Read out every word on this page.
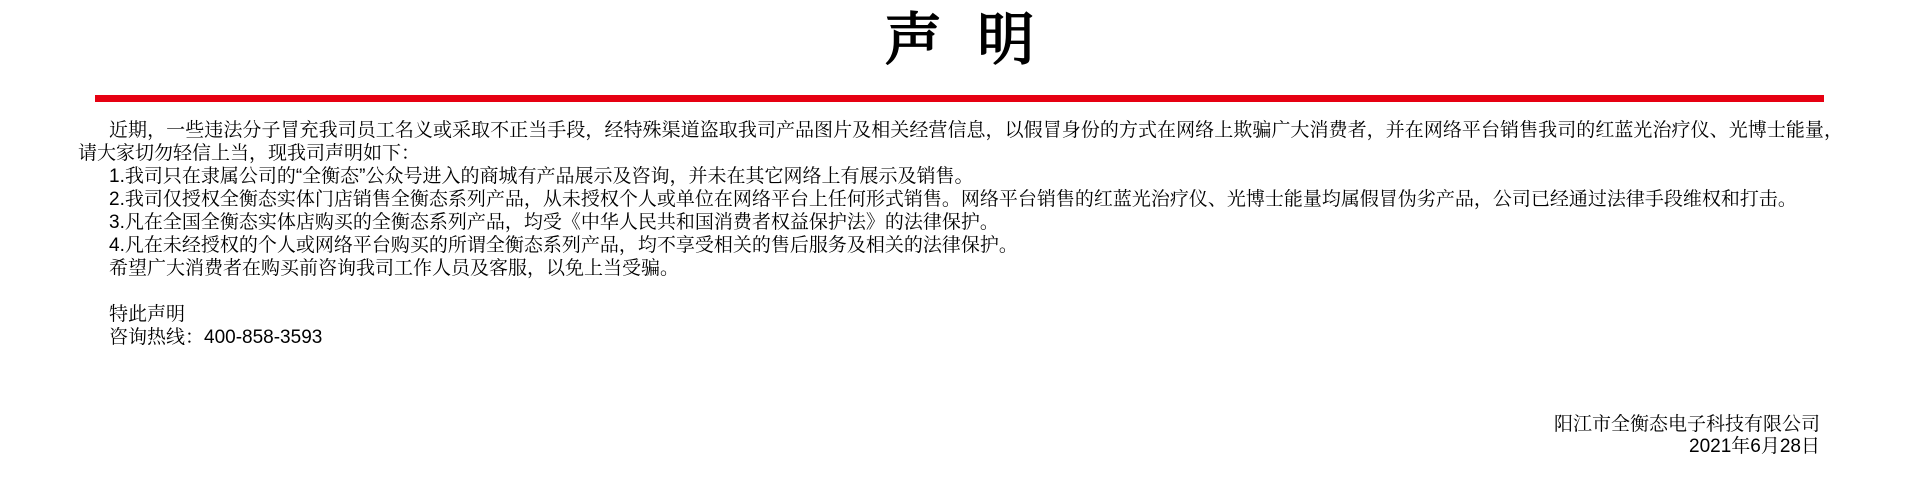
声 明

近期，一些违法分子冒充我司员工名义或采取不正当手段，经特殊渠道盗取我司产品图片及相关经营信息，以假冒身份的方式在网络上欺骗广大消费者，并在网络平台销售我司的红蓝光治疗仪、光博士能量，请大家切勿轻信上当，现我司声明如下：

1.我司只在隶属公司的“全衡态”公众号进入的商城有产品展示及咨询，并未在其它网络上有展示及销售。

2.我司仅授权全衡态实体门店销售全衡态系列产品，从未授权个人或单位在网络平台上任何形式销售。网络平台销售的红蓝光治疗仪、光博士能量均属假冒伪劣产品，公司已经通过法律手段维权和打击。

3.凡在全国全衡态实体店购买的全衡态系列产品，均受《中华人民共和国消费者权益保护法》的法律保护。

4.凡在未经授权的个人或网络平台购买的所谓全衡态系列产品，均不享受相关的售后服务及相关的法律保护。

希望广大消费者在购买前咨询我司工作人员及客服，以免上当受骗。

特此声明

咨询热线：400-858-3593

阳江市全衡态电子科技有限公司

2021年6月28日
